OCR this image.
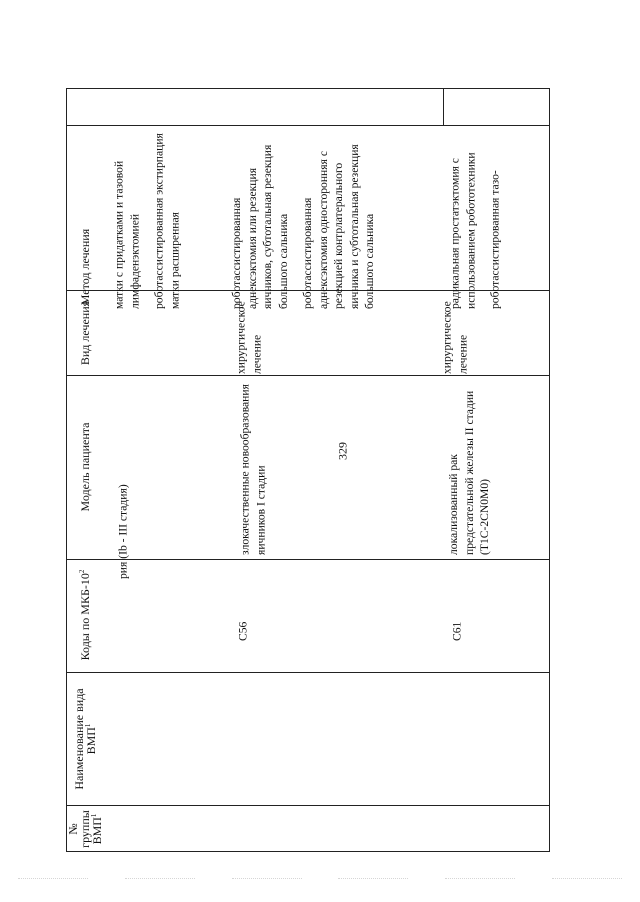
329
Метод лечения
Вид лечения
Модель пациента
Коды по МКБ-$10^2$
Наименование вида ВМП$^1$
№ группы ВМП$^1$

матки с придатками и тазовой лимфаденэктомией роботассистированная экстирпация матки расширенная

рия (Ib - III стадия)

роботассистированная аднексэктомия или резекция яичников, субтотальная резекция большого сальника роботассистированная аднексэктомия односторонняя с резекцией контрлатерального яичника и субтотальная резекция большого сальника

хирургическое лечение

злокачественные новообразования яичников I стадии

C56

радикальная простатэктомия с использованием робототехники роботассистированная тазо-

хирургическое лечение

локализованный рак предстательной железы II стадии (T1C-2CN0M0)

C61
